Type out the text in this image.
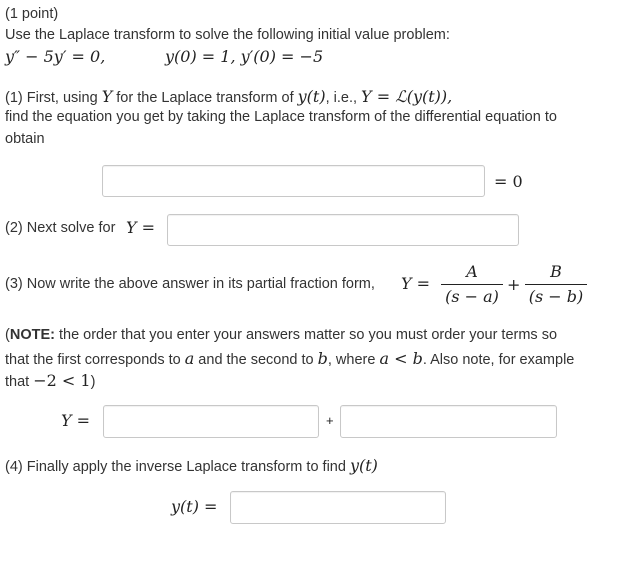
(1 point)
Use the Laplace transform to solve the following initial value problem:
y″ − 5y′ = 0,	y(0) = 1, y′(0) = −5
(1) First, using Y for the Laplace transform of y(t), i.e., Y = ℒ(y(t)),
find the equation you get by taking the Laplace transform of the differential equation to
obtain
= 0
(2) Next solve for Y =
(3) Now write the above answer in its partial fraction form, Y =
A
(s − a)
+
B
(s − b)
(NOTE: the order that you enter your answers matter so you must order your terms so
that the first corresponds to a and the second to b, where a < b. Also note, for example
that −2 < 1)
Y =	+
(4) Finally apply the inverse Laplace transform to find y(t)
y(t) =
